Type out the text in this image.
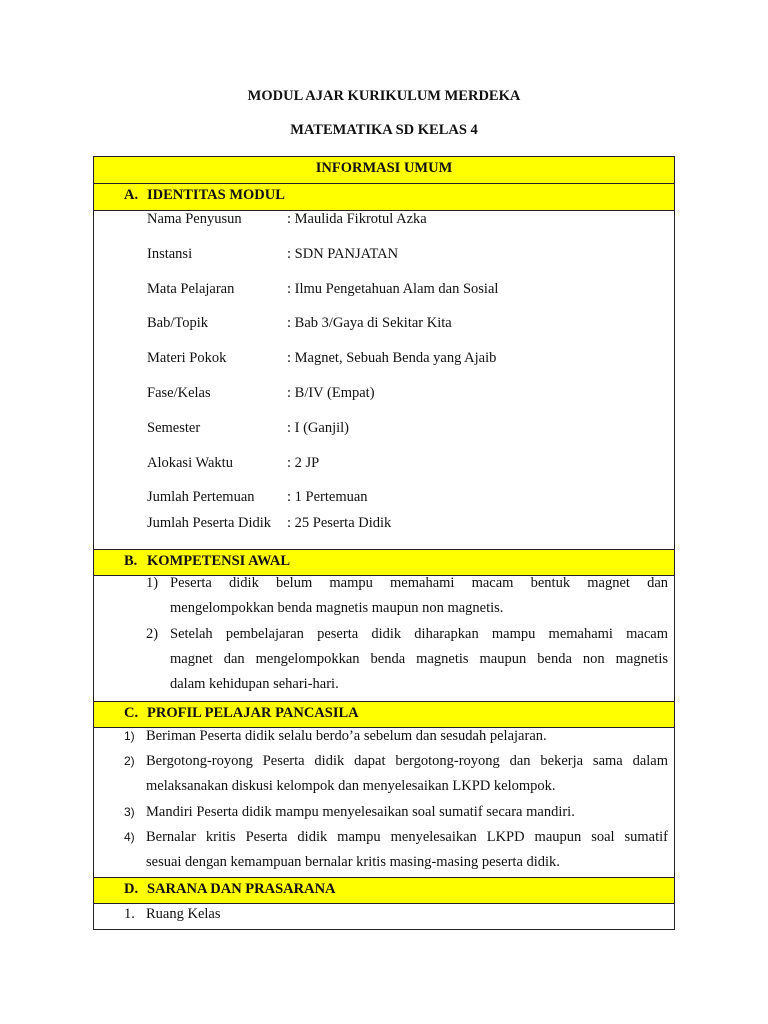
MODUL AJAR KURIKULUM MERDEKA
MATEMATIKA SD KELAS 4
INFORMASI UMUM
A. IDENTITAS MODUL
Nama Penyusun	: Maulida Fikrotul Azka
Instansi	: SDN PANJATAN
Mata Pelajaran	: Ilmu Pengetahuan Alam dan Sosial
Bab/Topik	: Bab 3/Gaya di Sekitar Kita
Materi Pokok	: Magnet, Sebuah Benda yang Ajaib
Fase/Kelas	: B/IV (Empat)
Semester	: I (Ganjil)
Alokasi Waktu	: 2 JP
Jumlah Pertemuan : 1 Pertemuan
Jumlah Peserta Didik : 25 Peserta Didik
B. KOMPETENSI AWAL
1) Peserta didik belum mampu memahami macam bentuk magnet dan
mengelompokkan benda magnetis maupun non magnetis.
2) Setelah pembelajaran peserta didik diharapkan mampu memahami macam
magnet dan mengelompokkan benda magnetis maupun benda non magnetis
dalam kehidupan sehari-hari.
C. PROFIL PELAJAR PANCASILA
1) Beriman Peserta didik selalu berdo’a sebelum dan sesudah pelajaran.
2) Bergotong-royong Peserta didik dapat bergotong-royong dan bekerja sama dalam
melaksanakan diskusi kelompok dan menyelesaikan LKPD kelompok.
3) Mandiri Peserta didik mampu menyelesaikan soal sumatif secara mandiri.
4) Bernalar kritis Peserta didik mampu menyelesaikan LKPD maupun soal sumatif
sesuai dengan kemampuan bernalar kritis masing-masing peserta didik.
D. SARANA DAN PRASARANA
1. Ruang Kelas
